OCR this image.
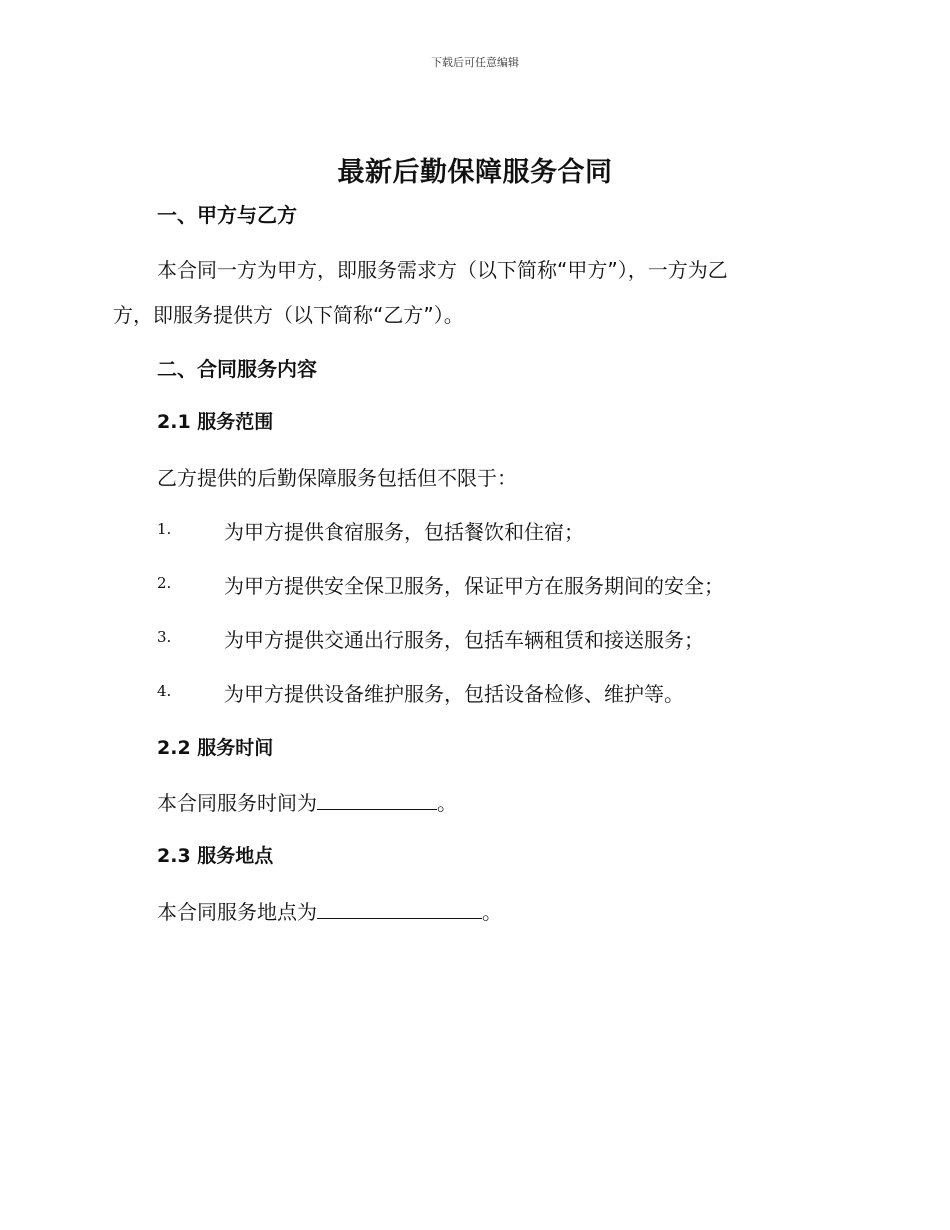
下载后可任意编辑
最新后勤保障服务合同
一、甲方与乙方
本合同一方为甲方，即服务需求方（以下简称“甲方”），一方为乙
方，即服务提供方（以下简称“乙方”）。
二、合同服务内容
2.1 服务范围
乙方提供的后勤保障服务包括但不限于：
1.	为甲方提供食宿服务，包括餐饮和住宿；
2.	为甲方提供安全保卫服务，保证甲方在服务期间的安全；
3.	为甲方提供交通出行服务，包括车辆租赁和接送服务；
4.	为甲方提供设备维护服务，包括设备检修、维护等。
2.2 服务时间
本合同服务时间为	。
2.3 服务地点
本合同服务地点为	。
